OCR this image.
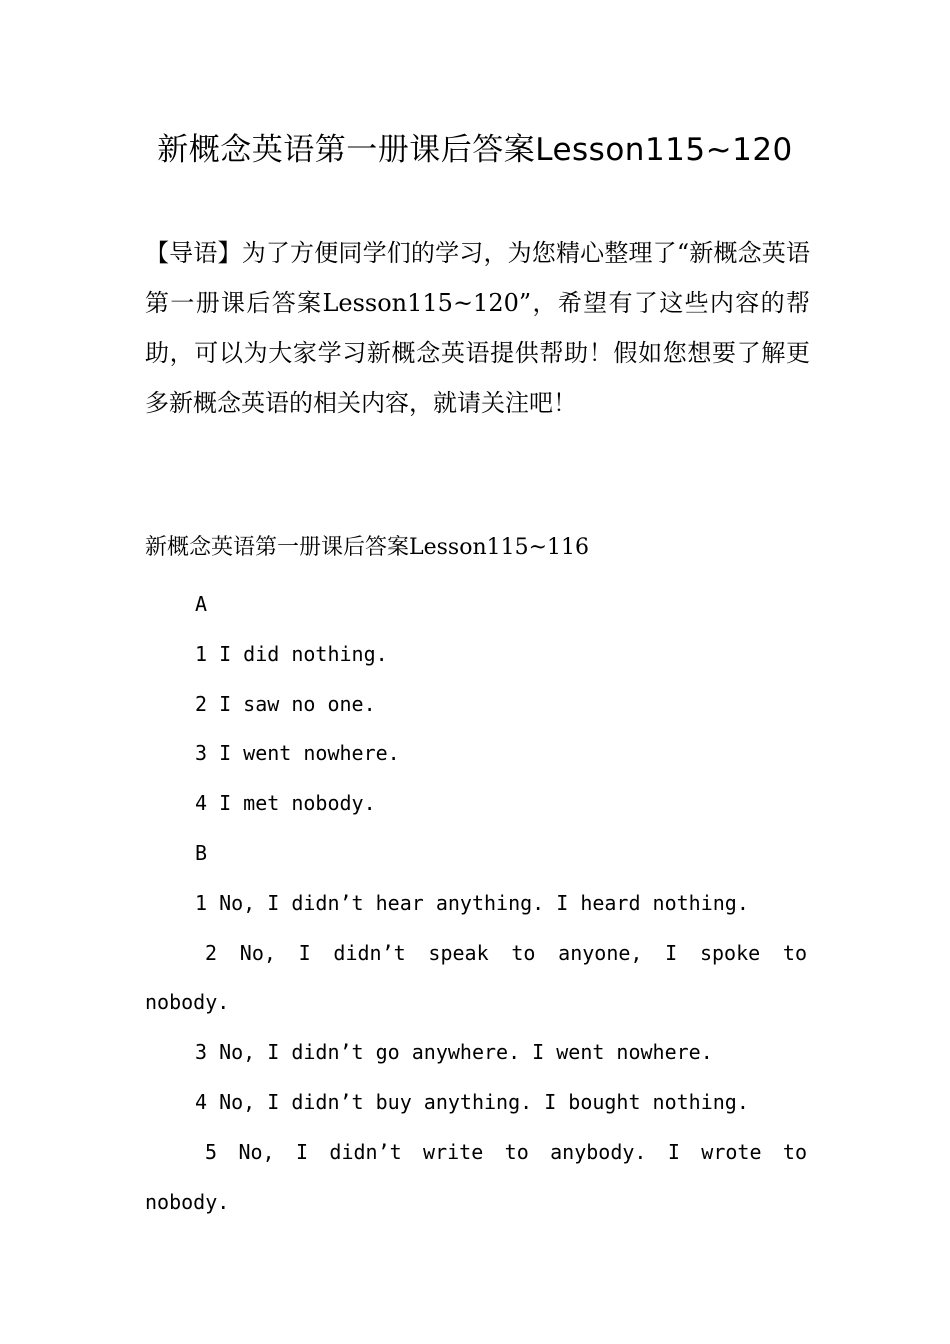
新概念英语第一册课后答案Lesson115~120
【导语】为了方便同学们的学习，为您精心整理了“新概念英语第一册课后答案Lesson115~120”，希望有了这些内容的帮助，可以为大家学习新概念英语提供帮助！假如您想要了解更多新概念英语的相关内容，就请关注吧！
新概念英语第一册课后答案Lesson115~116
A
1 I did nothing.
2 I saw no one.
3 I went nowhere.
4 I met nobody.
B
1 No, I didn’t hear anything. I heard nothing.
2 No, I didn’t speak to anyone, I spoke to nobody.
3 No, I didn’t go anywhere. I went nowhere.
4 No, I didn’t buy anything. I bought nothing.
5 No, I didn’t write to anybody. I wrote to nobody.
